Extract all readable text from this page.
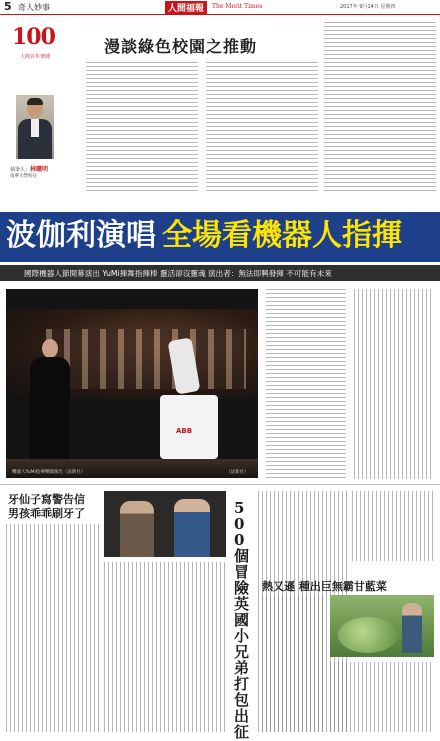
5 奇人妙事	人間福報	The Merit Times	2017年 9月14日 星期四
100
人間百年筆陣
漫談綠色校園之推動
執筆人：林聰明
南華大學校長
波伽利演唱 全場看機器人指揮
國際機器人節開幕演出 YuMi揮舞指揮棒 靈活卻沒靈魂 演出者：無法即興發揮 不可能有未來
ABB
機器人YuMi指揮樂團演出（法新社）	（法新社）
牙仙子寫警告信
男孩乖乖刷牙了	500個冒險 英國小兄弟打包出征
熱又遜 種出巨無霸甘藍菜
